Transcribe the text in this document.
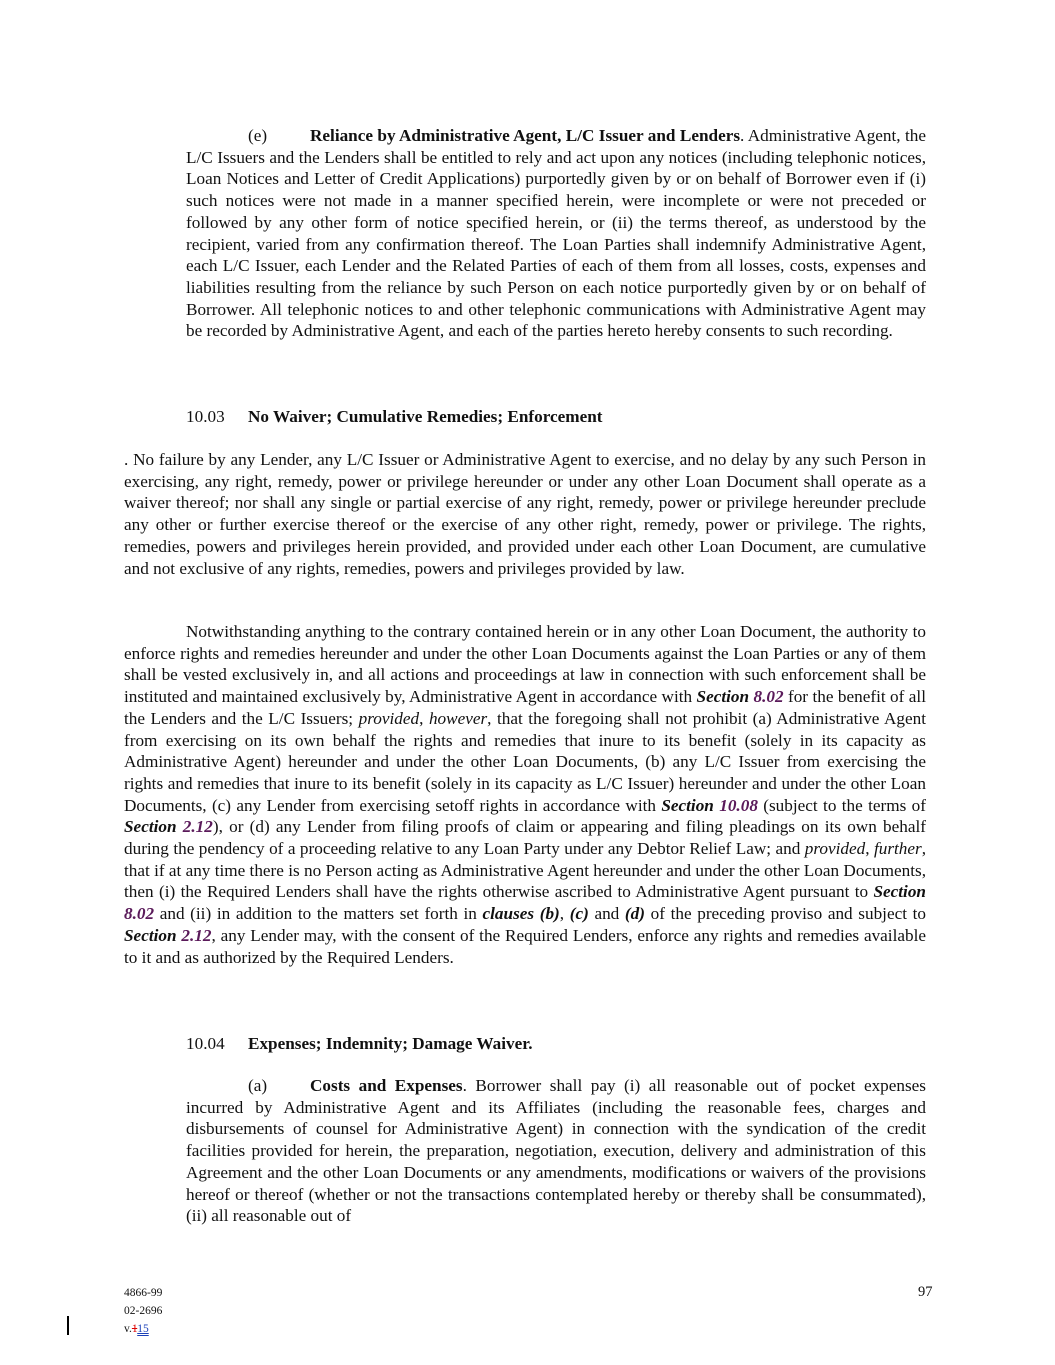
(e) Reliance by Administrative Agent, L/C Issuer and Lenders. Administrative Agent, the L/C Issuers and the Lenders shall be entitled to rely and act upon any notices (including telephonic notices, Loan Notices and Letter of Credit Applications) purportedly given by or on behalf of Borrower even if (i) such notices were not made in a manner specified herein, were incomplete or were not preceded or followed by any other form of notice specified herein, or (ii) the terms thereof, as understood by the recipient, varied from any confirmation thereof. The Loan Parties shall indemnify Administrative Agent, each L/C Issuer, each Lender and the Related Parties of each of them from all losses, costs, expenses and liabilities resulting from the reliance by such Person on each notice purportedly given by or on behalf of Borrower. All telephonic notices to and other telephonic communications with Administrative Agent may be recorded by Administrative Agent, and each of the parties hereto hereby consents to such recording.

10.03 No Waiver; Cumulative Remedies; Enforcement

. No failure by any Lender, any L/C Issuer or Administrative Agent to exercise, and no delay by any such Person in exercising, any right, remedy, power or privilege hereunder or under any other Loan Document shall operate as a waiver thereof; nor shall any single or partial exercise of any right, remedy, power or privilege hereunder preclude any other or further exercise thereof or the exercise of any other right, remedy, power or privilege. The rights, remedies, powers and privileges herein provided, and provided under each other Loan Document, are cumulative and not exclusive of any rights, remedies, powers and privileges provided by law.

Notwithstanding anything to the contrary contained herein or in any other Loan Document, the authority to enforce rights and remedies hereunder and under the other Loan Documents against the Loan Parties or any of them shall be vested exclusively in, and all actions and proceedings at law in connection with such enforcement shall be instituted and maintained exclusively by, Administrative Agent in accordance with Section 8.02 for the benefit of all the Lenders and the L/C Issuers; provided, however, that the foregoing shall not prohibit (a) Administrative Agent from exercising on its own behalf the rights and remedies that inure to its benefit (solely in its capacity as Administrative Agent) hereunder and under the other Loan Documents, (b) any L/C Issuer from exercising the rights and remedies that inure to its benefit (solely in its capacity as L/C Issuer) hereunder and under the other Loan Documents, (c) any Lender from exercising setoff rights in accordance with Section 10.08 (subject to the terms of Section 2.12), or (d) any Lender from filing proofs of claim or appearing and filing pleadings on its own behalf during the pendency of a proceeding relative to any Loan Party under any Debtor Relief Law; and provided, further, that if at any time there is no Person acting as Administrative Agent hereunder and under the other Loan Documents, then (i) the Required Lenders shall have the rights otherwise ascribed to Administrative Agent pursuant to Section 8.02 and (ii) in addition to the matters set forth in clauses (b), (c) and (d) of the preceding proviso and subject to Section 2.12, any Lender may, with the consent of the Required Lenders, enforce any rights and remedies available to it and as authorized by the Required Lenders.

10.04 Expenses; Indemnity; Damage Waiver.

(a) Costs and Expenses. Borrower shall pay (i) all reasonable out of pocket expenses incurred by Administrative Agent and its Affiliates (including the reasonable fees, charges and disbursements of counsel for Administrative Agent) in connection with the syndication of the credit facilities provided for herein, the preparation, negotiation, execution, delivery and administration of this Agreement and the other Loan Documents or any amendments, modifications or waivers of the provisions hereof or thereof (whether or not the transactions contemplated hereby or thereby shall be consummated), (ii) all reasonable out of

4866-99
02-2696
v.115
97
